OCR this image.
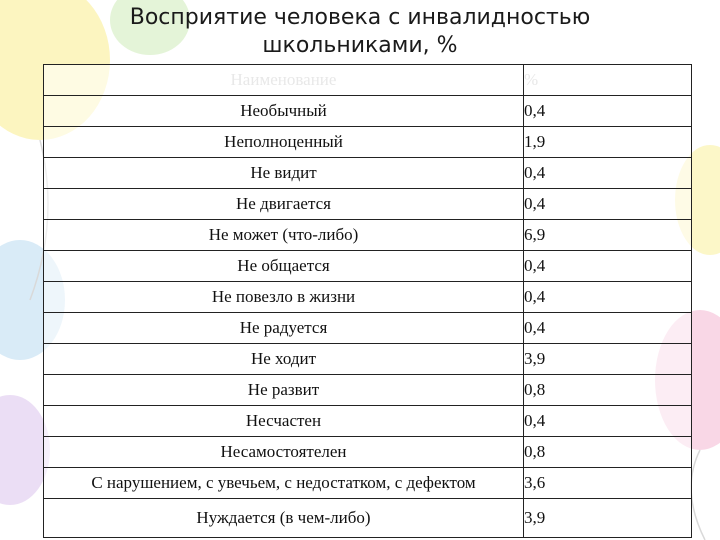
Восприятие человека с инвалидностью
школьниками, %
Наименование	%
Необычный	0,4
Неполноценный	1,9
Не видит	0,4
Не двигается	0,4
Не может (что-либо)	6,9
Не общается	0,4
Не повезло в жизни	0,4
Не радуется	0,4
Не ходит	3,9
Не развит	0,8
Несчастен	0,4
Несамостоятелен	0,8
С нарушением, с увечьем, с недостатком, с дефектом	3,6
Нуждается (в чем-либо)	3,9
